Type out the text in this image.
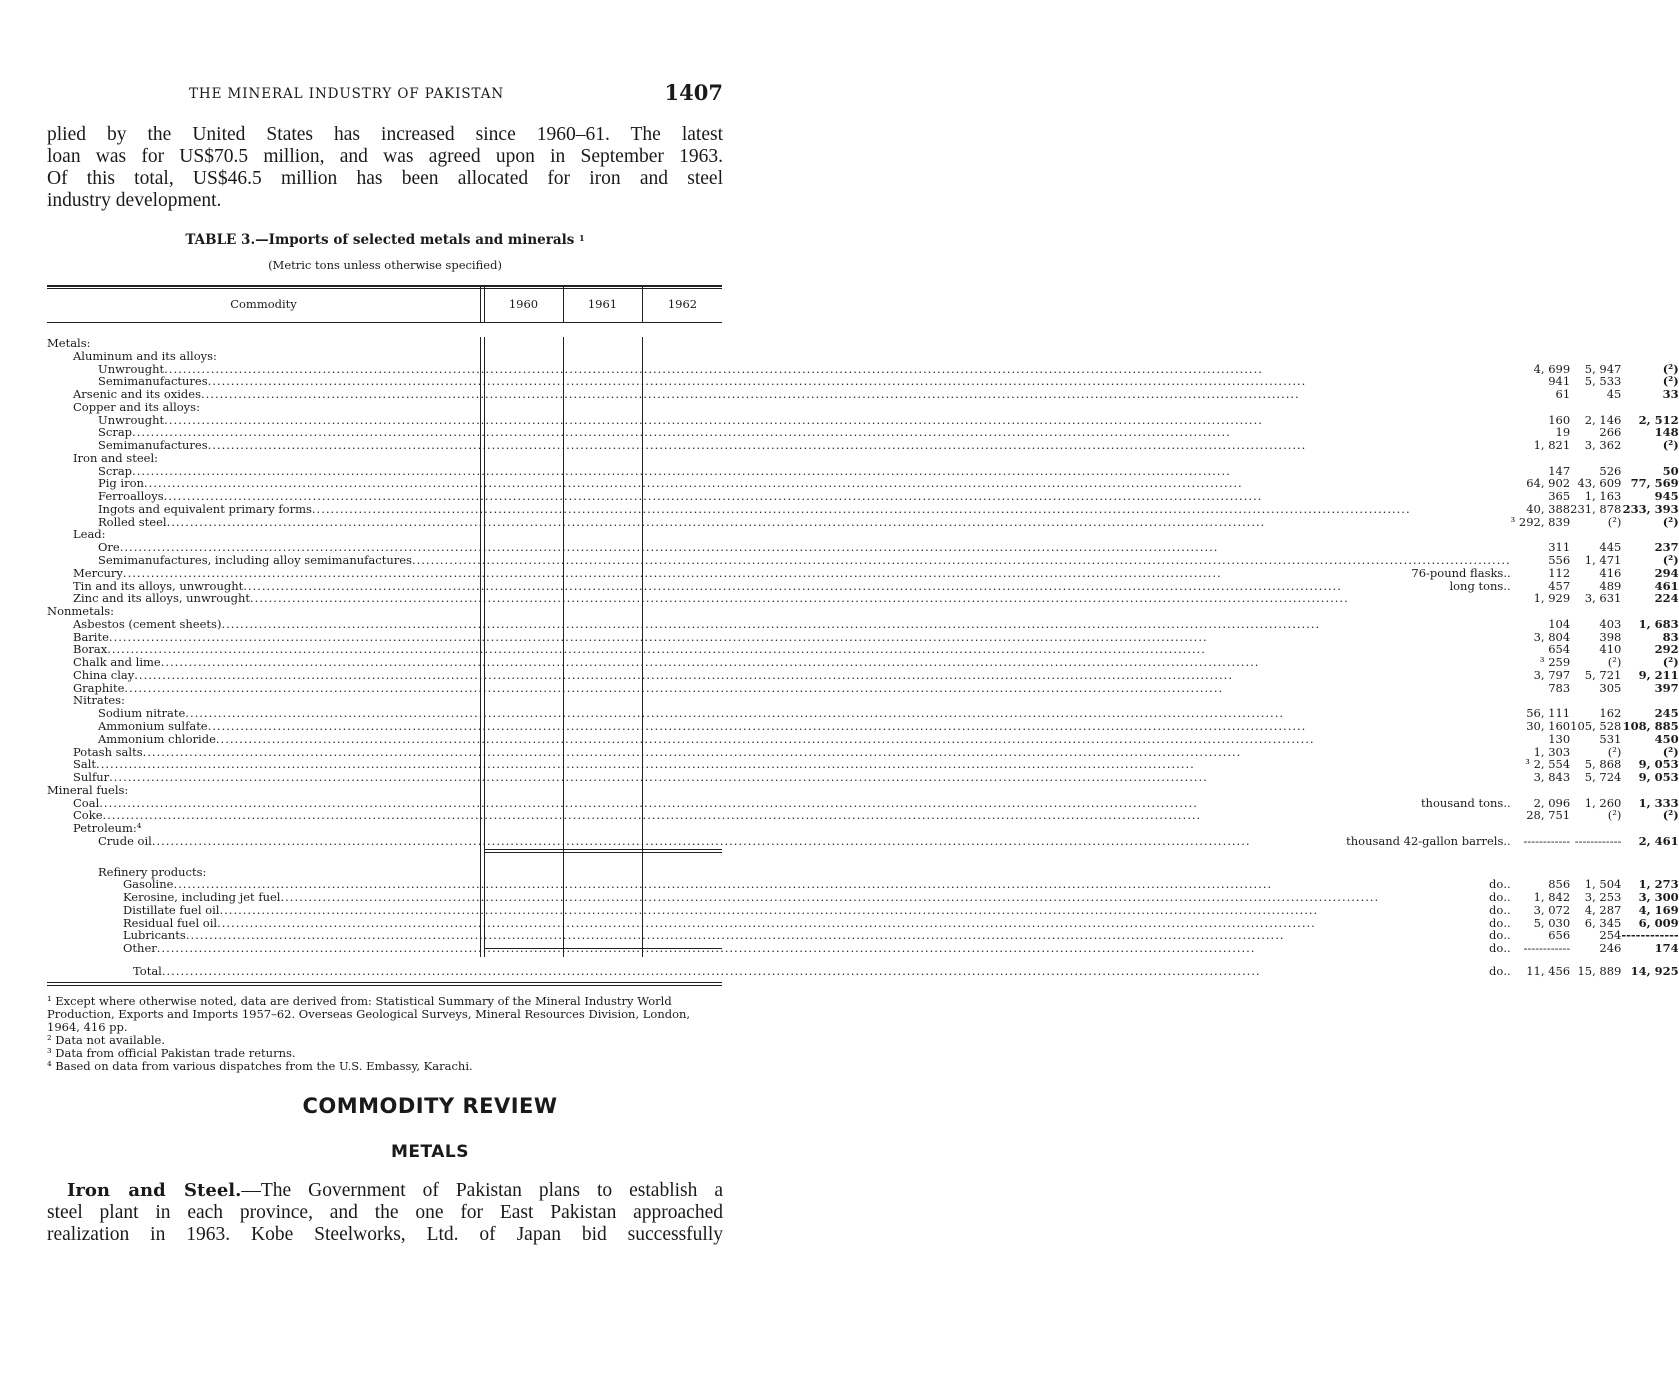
THE MINERAL INDUSTRY OF PAKISTAN	1407
plied by the United States has increased since 1960–61. The latest
loan was for US$70.5 million, and was agreed upon in September 1963.
Of this total, US$46.5 million has been allocated for iron and steel
industry development.
TABLE 3.—Imports of selected metals and minerals $^1$
(Metric tons unless otherwise specified)
Commodity	1960	1961	1962
Metals:			

Aluminum and its alloys:			

Unwrought
.....		4, 699	5, 947	(²)

Semimanufactures
.....		941	5, 533	(²)

Arsenic and its oxides
.....		61	45	33

Copper and its alloys:			

Unwrought
.....		160	2, 146	2, 512

Scrap
.....		19	266	148

Semimanufactures
.....		1, 821	3, 362	(²)

Iron and steel:			

Scrap
.....		147	526	50

Pig iron
.....		64, 902	43, 609	77, 569

Ferroalloys
.....		365	1, 163	945

Ingots and equivalent primary forms
.....		40, 388	231, 878	233, 393

Rolled steel
.....		³ 292, 839	(²)	(²)

Lead:			

Ore
.....		311	445	237

Semimanufactures, including alloy semimanufactures
.....		556	1, 471	(²)

Mercury ..... 76-pound flasks ..		112	416	294

Tin and its alloys, unwrought ..... long tons ..		457	489	461

Zinc and its alloys, unwrought
.....		1, 929	3, 631	224

Nonmetals:			

Asbestos (cement sheets)
.....		104	403	1, 683

Barite
.....		3, 804	398	83

Borax
.....		654	410	292

Chalk and lime
.....		³ 259	(²)	(²)

China clay
.....		3, 797	5, 721	9, 211

Graphite
.....		783	305	397

Nitrates:			

Sodium nitrate
.....		56, 111	162	245

Ammonium sulfate
.....		30, 160	105, 528	108, 885

Ammonium chloride
.....		130	531	450

Potash salts
.....		1, 303	(²)	(²)

Salt
.....		³ 2, 554	5, 868	9, 053

Sulfur
.....		3, 843	5, 724	9, 053

Mineral fuels:			

Coal ..... thousand tons ..		2, 096	1, 260	1, 333

Coke
.....		28, 751	(²)	(²)

Petroleum:⁴			

Crude oil ..... thousand 42-gallon barrels ..		------------	------------	2, 461

Refinery products:			

Gasoline ..... do ..		856	1, 504	1, 273

Kerosine, including jet fuel ..... do ..		1, 842	3, 253	3, 300

Distillate fuel oil ..... do ..		3, 072	4, 287	4, 169

Residual fuel oil ..... do ..		5, 030	6, 345	6, 009

Lubricants ..... do ..		656	254	------------

Other ..... do ..		------------	246	174

Total ..... do ..		11, 456	15, 889	14, 925
¹ Except where otherwise noted, data are derived from: Statistical Summary of the Mineral Industry World Production, Exports and Imports 1957–62. Overseas Geological Surveys, Mineral Resources Division, London, 1964, 416 pp.
² Data not available.
³ Data from official Pakistan trade returns.
⁴ Based on data from various dispatches from the U.S. Embassy, Karachi.
COMMODITY REVIEW
METALS
Iron and Steel.—The Government of Pakistan plans to establish a
steel plant in each province, and the one for East Pakistan approached
realization in 1963. Kobe Steelworks, Ltd. of Japan bid successfully
